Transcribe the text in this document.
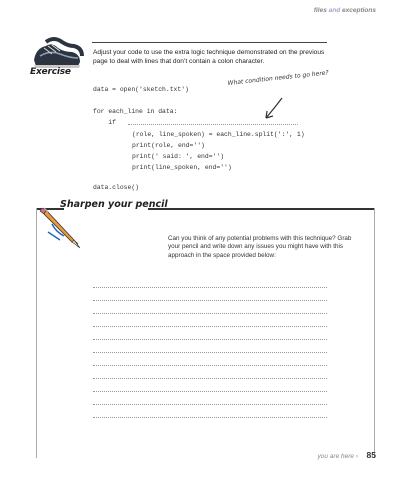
files and exceptions
Exercise
Adjust your code to use the extra logic technique demonstrated on the previous page to deal with lines that don’t contain a colon character.
data = open('sketch.txt')
What condition needs to go here?
for each_line in data:
if
(role, line_spoken) = each_line.split(':', 1)
print(role, end='')
print(' said: ', end='')
print(line_spoken, end='')
data.close()
Sharpen your pencil
Can you think of any potential problems with this technique? Grab your pencil and write down any issues you might have with this approach in the space provided below:
you are here › 85
